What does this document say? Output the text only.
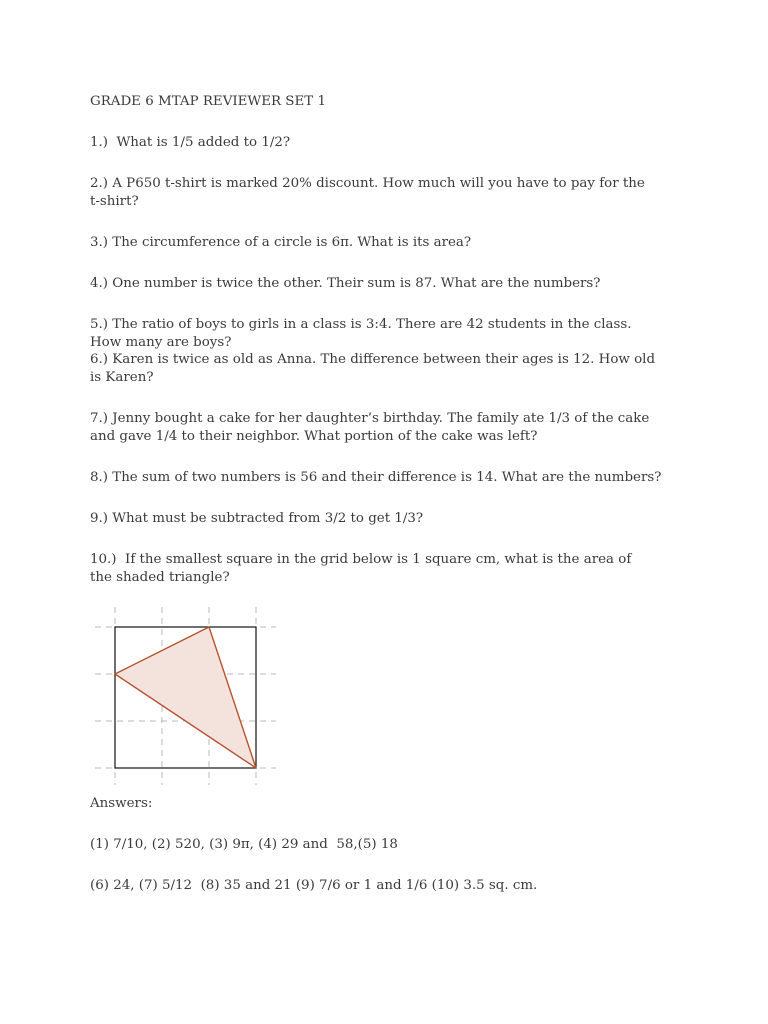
GRADE 6 MTAP REVIEWER SET 1
1.)  What is 1/5 added to 1/2?
2.) A P650 t-shirt is marked 20% discount. How much will you have to pay for the t-shirt?
3.) The circumference of a circle is 6π. What is its area?
4.) One number is twice the other. Their sum is 87. What are the numbers?
5.) The ratio of boys to girls in a class is 3:4. There are 42 students in the class. How many are boys?
6.) Karen is twice as old as Anna. The difference between their ages is 12. How old is Karen?
7.) Jenny bought a cake for her daughter’s birthday. The family ate 1/3 of the cake and gave 1/4 to their neighbor. What portion of the cake was left?
8.) The sum of two numbers is 56 and their difference is 14. What are the numbers?
9.) What must be subtracted from 3/2 to get 1/3?
10.)  If the smallest square in the grid below is 1 square cm, what is the area of the shaded triangle?
Answers:
(1) 7/10, (2) 520, (3) 9π, (4) 29 and  58,(5) 18
(6) 24, (7) 5/12  (8) 35 and 21 (9) 7/6 or 1 and 1/6 (10) 3.5 sq. cm.
